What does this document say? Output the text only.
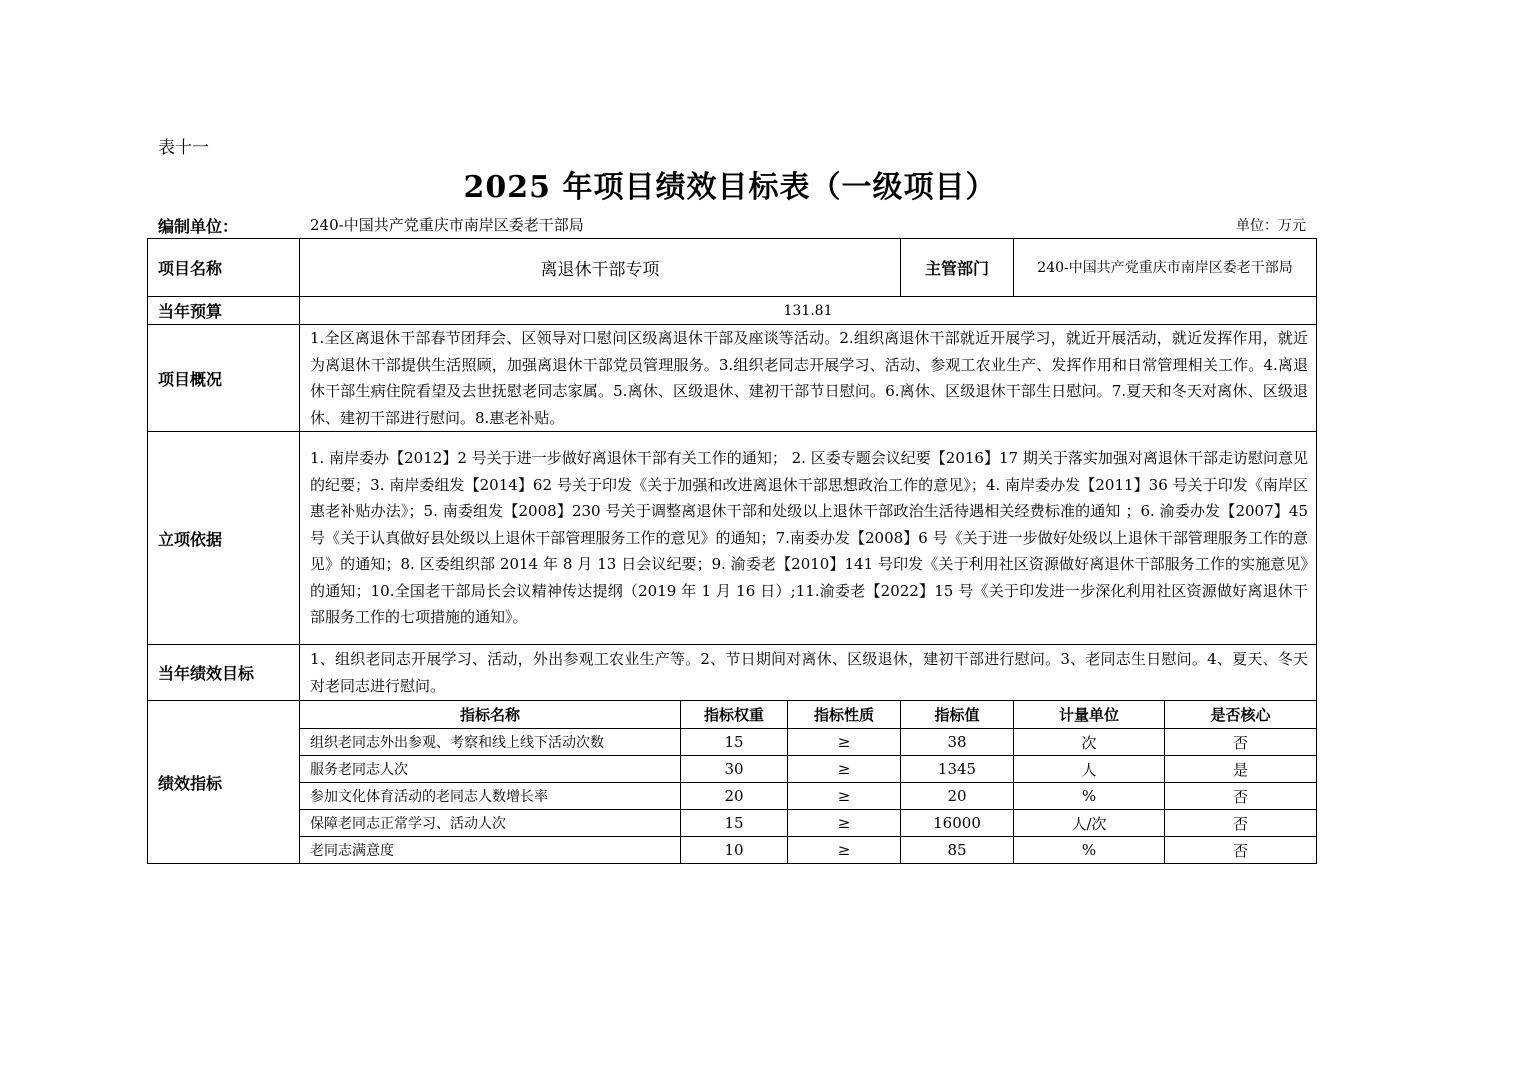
表十一
2025 年项目绩效目标表（一级项目）
编制单位：	240-中国共产党重庆市南岸区委老干部局	单位：万元
项目名称	离退休干部专项			主管部门	240-中国共产党重庆市南岸区委老干部局	
当年预算	131.81					
项目概况	1.全区离退休干部春节团拜会、区领导对口慰问区级离退休干部及座谈等活动。2.组织离退休干部就近开展学习，就近开展活动，就近发挥作用，就近为离退休干部提供生活照顾，加强离退休干部党员管理服务。3.组织老同志开展学习、活动、参观工农业生产、发挥作用和日常管理相关工作。4.离退休干部生病住院看望及去世抚慰老同志家属。5.离休、区级退休、建初干部节日慰问。6.离休、区级退休干部生日慰问。7.夏天和冬天对离休、区级退休、建初干部进行慰问。8.惠老补贴。					
立项依据	1. 南岸委办【2012】2 号关于进一步做好离退休干部有关工作的通知； 2. 区委专题会议纪要【2016】17 期关于落实加强对离退休干部走访慰问意见的纪要；3. 南岸委组发【2014】62 号关于印发《关于加强和改进离退休干部思想政治工作的意见》；4. 南岸委办发【2011】36 号关于印发《南岸区惠老补贴办法》；5. 南委组发【2008】230 号关于调整离退休干部和处级以上退休干部政治生活待遇相关经费标准的通知 ；6. 渝委办发【2007】45 号《关于认真做好县处级以上退休干部管理服务工作的意见》的通知；7.南委办发【2008】6 号《关于进一步做好处级以上退休干部管理服务工作的意见》的通知；8. 区委组织部 2014 年 8 月 13 日会议纪要；9. 渝委老【2010】141 号印发《关于利用社区资源做好离退休干部服务工作的实施意见》的通知；10.全国老干部局长会议精神传达提纲（2019 年 1 月 16 日）;11.渝委老【2022】15 号《关于印发进一步深化利用社区资源做好离退休干部服务工作的七项措施的通知》。					
当年绩效目标	1、组织老同志开展学习、活动，外出参观工农业生产等。2、节日期间对离休、区级退休，建初干部进行慰问。3、老同志生日慰问。4、夏天、冬天对老同志进行慰问。					
绩效指标	指标名称	指标权重	指标性质	指标值	计量单位	是否核心
	组织老同志外出参观、考察和线上线下活动次数	15	≥	38	次	否
	服务老同志人次	30	≥	1345	人	是
	参加文化体育活动的老同志人数增长率	20	≥	20	%	否
	保障老同志正常学习、活动人次	15	≥	16000	人/次	否
	老同志满意度	10	≥	85	%	否
